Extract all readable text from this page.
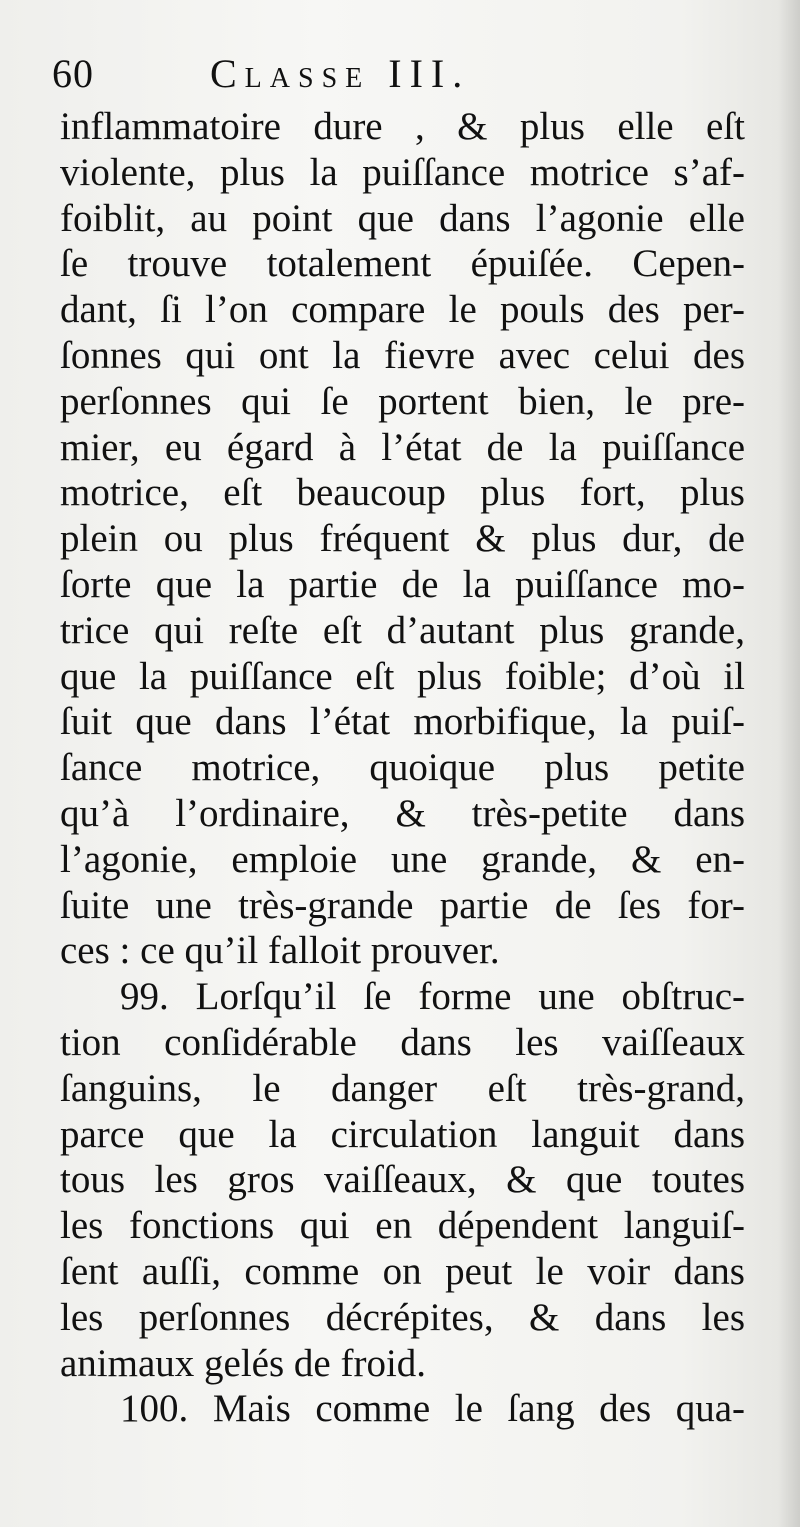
60	Classe III.
inflammatoire dure , & plus elle eſt
violente, plus la puiſſance motrice s’af-
foiblit, au point que dans l’agonie elle
ſe trouve totalement épuiſée. Cepen-
dant, ſi l’on compare le pouls des per-
ſonnes qui ont la fievre avec celui des
perſonnes qui ſe portent bien, le pre-
mier, eu égard à l’état de la puiſſance
motrice, eſt beaucoup plus fort, plus
plein ou plus fréquent & plus dur, de
ſorte que la partie de la puiſſance mo-
trice qui reſte eſt d’autant plus grande,
que la puiſſance eſt plus foible; d’où il
ſuit que dans l’état morbifique, la puiſ-
ſance motrice, quoique plus petite
qu’à l’ordinaire, & très-petite dans
l’agonie, emploie une grande, & en-
ſuite une très-grande partie de ſes for-
ces : ce qu’il falloit prouver.
99. Lorſqu’il ſe forme une obſtruc-
tion conſidérable dans les vaiſſeaux
ſanguins, le danger eſt très-grand,
parce que la circulation languit dans
tous les gros vaiſſeaux, & que toutes
les fonctions qui en dépendent languiſ-
ſent auſſi, comme on peut le voir dans
les perſonnes décrépites, & dans les
animaux gelés de froid.
100. Mais comme le ſang des qua-
